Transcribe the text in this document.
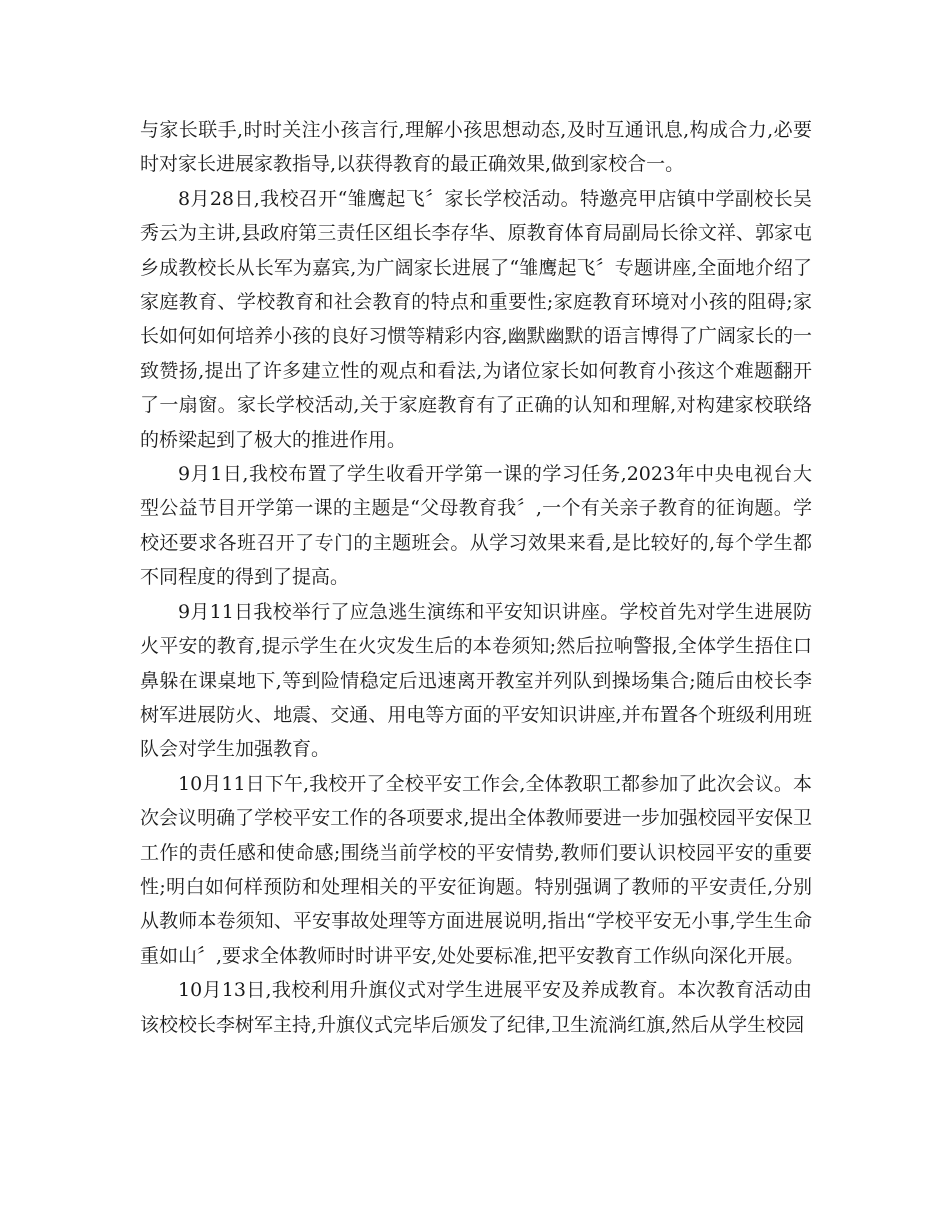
与家长联手,时时关注小孩言行,理解小孩思想动态,及时互通讯息,构成合力,必要时对家长进展家教指导,以获得教育的最正确效果,做到家校合一。

8月28日,我校召开“雏鹰起飞〞家长学校活动。特邀亮甲店镇中学副校长吴秀云为主讲,县政府第三责任区组长李存华、原教育体育局副局长徐文祥、郭家屯乡成教校长从长军为嘉宾,为广阔家长进展了“雏鹰起飞〞专题讲座,全面地介绍了家庭教育、学校教育和社会教育的特点和重要性;家庭教育环境对小孩的阻碍;家长如何如何培养小孩的良好习惯等精彩内容,幽默幽默的语言博得了广阔家长的一致赞扬,提出了许多建立性的观点和看法,为诸位家长如何教育小孩这个难题翻开了一扇窗。家长学校活动,关于家庭教育有了正确的认知和理解,对构建家校联络的桥梁起到了极大的推进作用。

9月1日,我校布置了学生收看开学第一课的学习任务,2023年中央电视台大型公益节目开学第一课的主题是“父母教育我〞,一个有关亲子教育的征询题。学校还要求各班召开了专门的主题班会。从学习效果来看,是比较好的,每个学生都不同程度的得到了提高。

9月11日我校举行了应急逃生演练和平安知识讲座。学校首先对学生进展防火平安的教育,提示学生在火灾发生后的本卷须知;然后拉响警报,全体学生捂住口鼻躲在课桌地下,等到险情稳定后迅速离开教室并列队到操场集合;随后由校长李树军进展防火、地震、交通、用电等方面的平安知识讲座,并布置各个班级利用班队会对学生加强教育。

10月11日下午,我校开了全校平安工作会,全体教职工都参加了此次会议。本次会议明确了学校平安工作的各项要求,提出全体教师要进一步加强校园平安保卫工作的责任感和使命感;围绕当前学校的平安情势,教师们要认识校园平安的重要性;明白如何样预防和处理相关的平安征询题。特别强调了教师的平安责任,分别从教师本卷须知、平安事故处理等方面进展说明,指出“学校平安无小事,学生生命重如山〞,要求全体教师时时讲平安,处处要标准,把平安教育工作纵向深化开展。

10月13日,我校利用升旗仪式对学生进展平安及养成教育。本次教育活动由该校校长李树军主持,升旗仪式完毕后颁发了纪律,卫生流淌红旗,然后从学生校园
